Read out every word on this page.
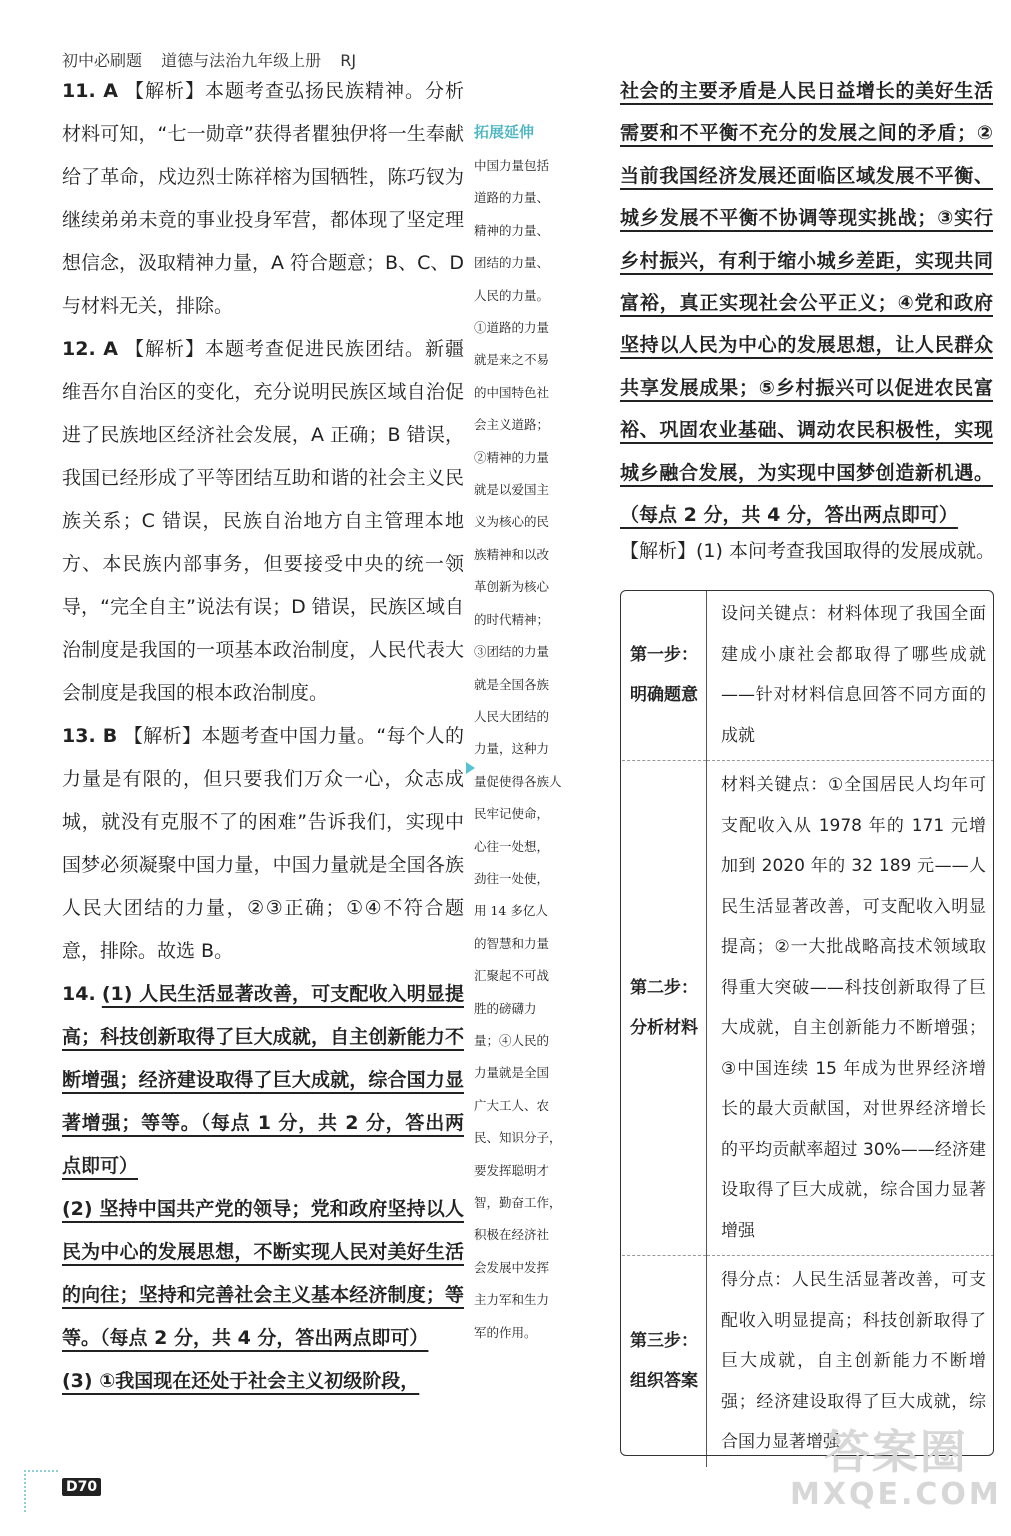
初中必刷题 道德与法治九年级上册 RJ

11. A 【解析】本题考查弘扬民族精神。分析材料可知，“七一勋章”获得者瞿独伊将一生奉献给了革命，戍边烈士陈祥榕为国牺牲，陈巧钗为继续弟弟未竟的事业投身军营，都体现了坚定理想信念，汲取精神力量，A 符合题意；B、C、D 与材料无关，排除。

12. A 【解析】本题考查促进民族团结。新疆维吾尔自治区的变化，充分说明民族区域自治促进了民族地区经济社会发展，A 正确；B 错误，我国已经形成了平等团结互助和谐的社会主义民族关系；C 错误，民族自治地方自主管理本地方、本民族内部事务，但要接受中央的统一领导，“完全自主”说法有误；D 错误，民族区域自治制度是我国的一项基本政治制度，人民代表大会制度是我国的根本政治制度。

13. B 【解析】本题考查中国力量。“每个人的力量是有限的，但只要我们万众一心，众志成城，就没有克服不了的困难”告诉我们，实现中国梦必须凝聚中国力量，中国力量就是全国各族人民大团结的力量，②③正确；①④不符合题意，排除。故选 B。

14. (1) 人民生活显著改善，可支配收入明显提高；科技创新取得了巨大成就，自主创新能力不断增强；经济建设取得了巨大成就，综合国力显著增强；等等。（每点 1 分，共 2 分，答出两点即可）

(2) 坚持中国共产党的领导；党和政府坚持以人民为中心的发展思想，不断实现人民对美好生活的向往；坚持和完善社会主义基本经济制度；等等。（每点 2 分，共 4 分，答出两点即可）

(3) ①我国现在还处于社会主义初级阶段，

拓展延伸
中国力量包括
道路的力量、
精神的力量、
团结的力量、
人民的力量。
①道路的力量
就是来之不易
的中国特色社
会主义道路；
②精神的力量
就是以爱国主
义为核心的民
族精神和以改
革创新为核心
的时代精神；
③团结的力量
就是全国各族
人民大团结的
力量，这种力
量促使得各族人
民牢记使命，
心往一处想，
劲往一处使，
用 14 多亿人
的智慧和力量
汇聚起不可战
胜的磅礴力
量；④人民的
力量就是全国
广大工人、农
民、知识分子，
要发挥聪明才
智，勤奋工作，
积极在经济社
会发展中发挥
主力军和生力
军的作用。

社会的主要矛盾是人民日益增长的美好生活需要和不平衡不充分的发展之间的矛盾；②当前我国经济发展还面临区域发展不平衡、城乡发展不平衡不协调等现实挑战；③实行乡村振兴，有利于缩小城乡差距，实现共同富裕，真正实现社会公平正义；④党和政府坚持以人民为中心的发展思想，让人民群众共享发展成果；⑤乡村振兴可以促进农民富裕、巩固农业基础、调动农民积极性，实现城乡融合发展，为实现中国梦创造新机遇。（每点 2 分，共 4 分，答出两点即可）

【解析】(1) 本问考查我国取得的发展成就。
第一步：
明确题意	设问关键点：材料体现了我国全面建成小康社会都取得了哪些成就——针对材料信息回答不同方面的成就

第二步：
分析材料	材料关键点：①全国居民人均年可支配收入从 1978 年的 171 元增加到 2020 年的 32 189 元——人民生活显著改善，可支配收入明显提高；②一大批战略高技术领域取得重大突破——科技创新取得了巨大成就，自主创新能力不断增强；③中国连续 15 年成为世界经济增长的最大贡献国，对世界经济增长的平均贡献率超过 30%——经济建设取得了巨大成就，综合国力显著增强

第三步：
组织答案	得分点：人民生活显著改善，可支配收入明显提高；科技创新取得了巨大成就，自主创新能力不断增强；经济建设取得了巨大成就，综合国力显著增强
D70
答案圈
MXQE.COM
